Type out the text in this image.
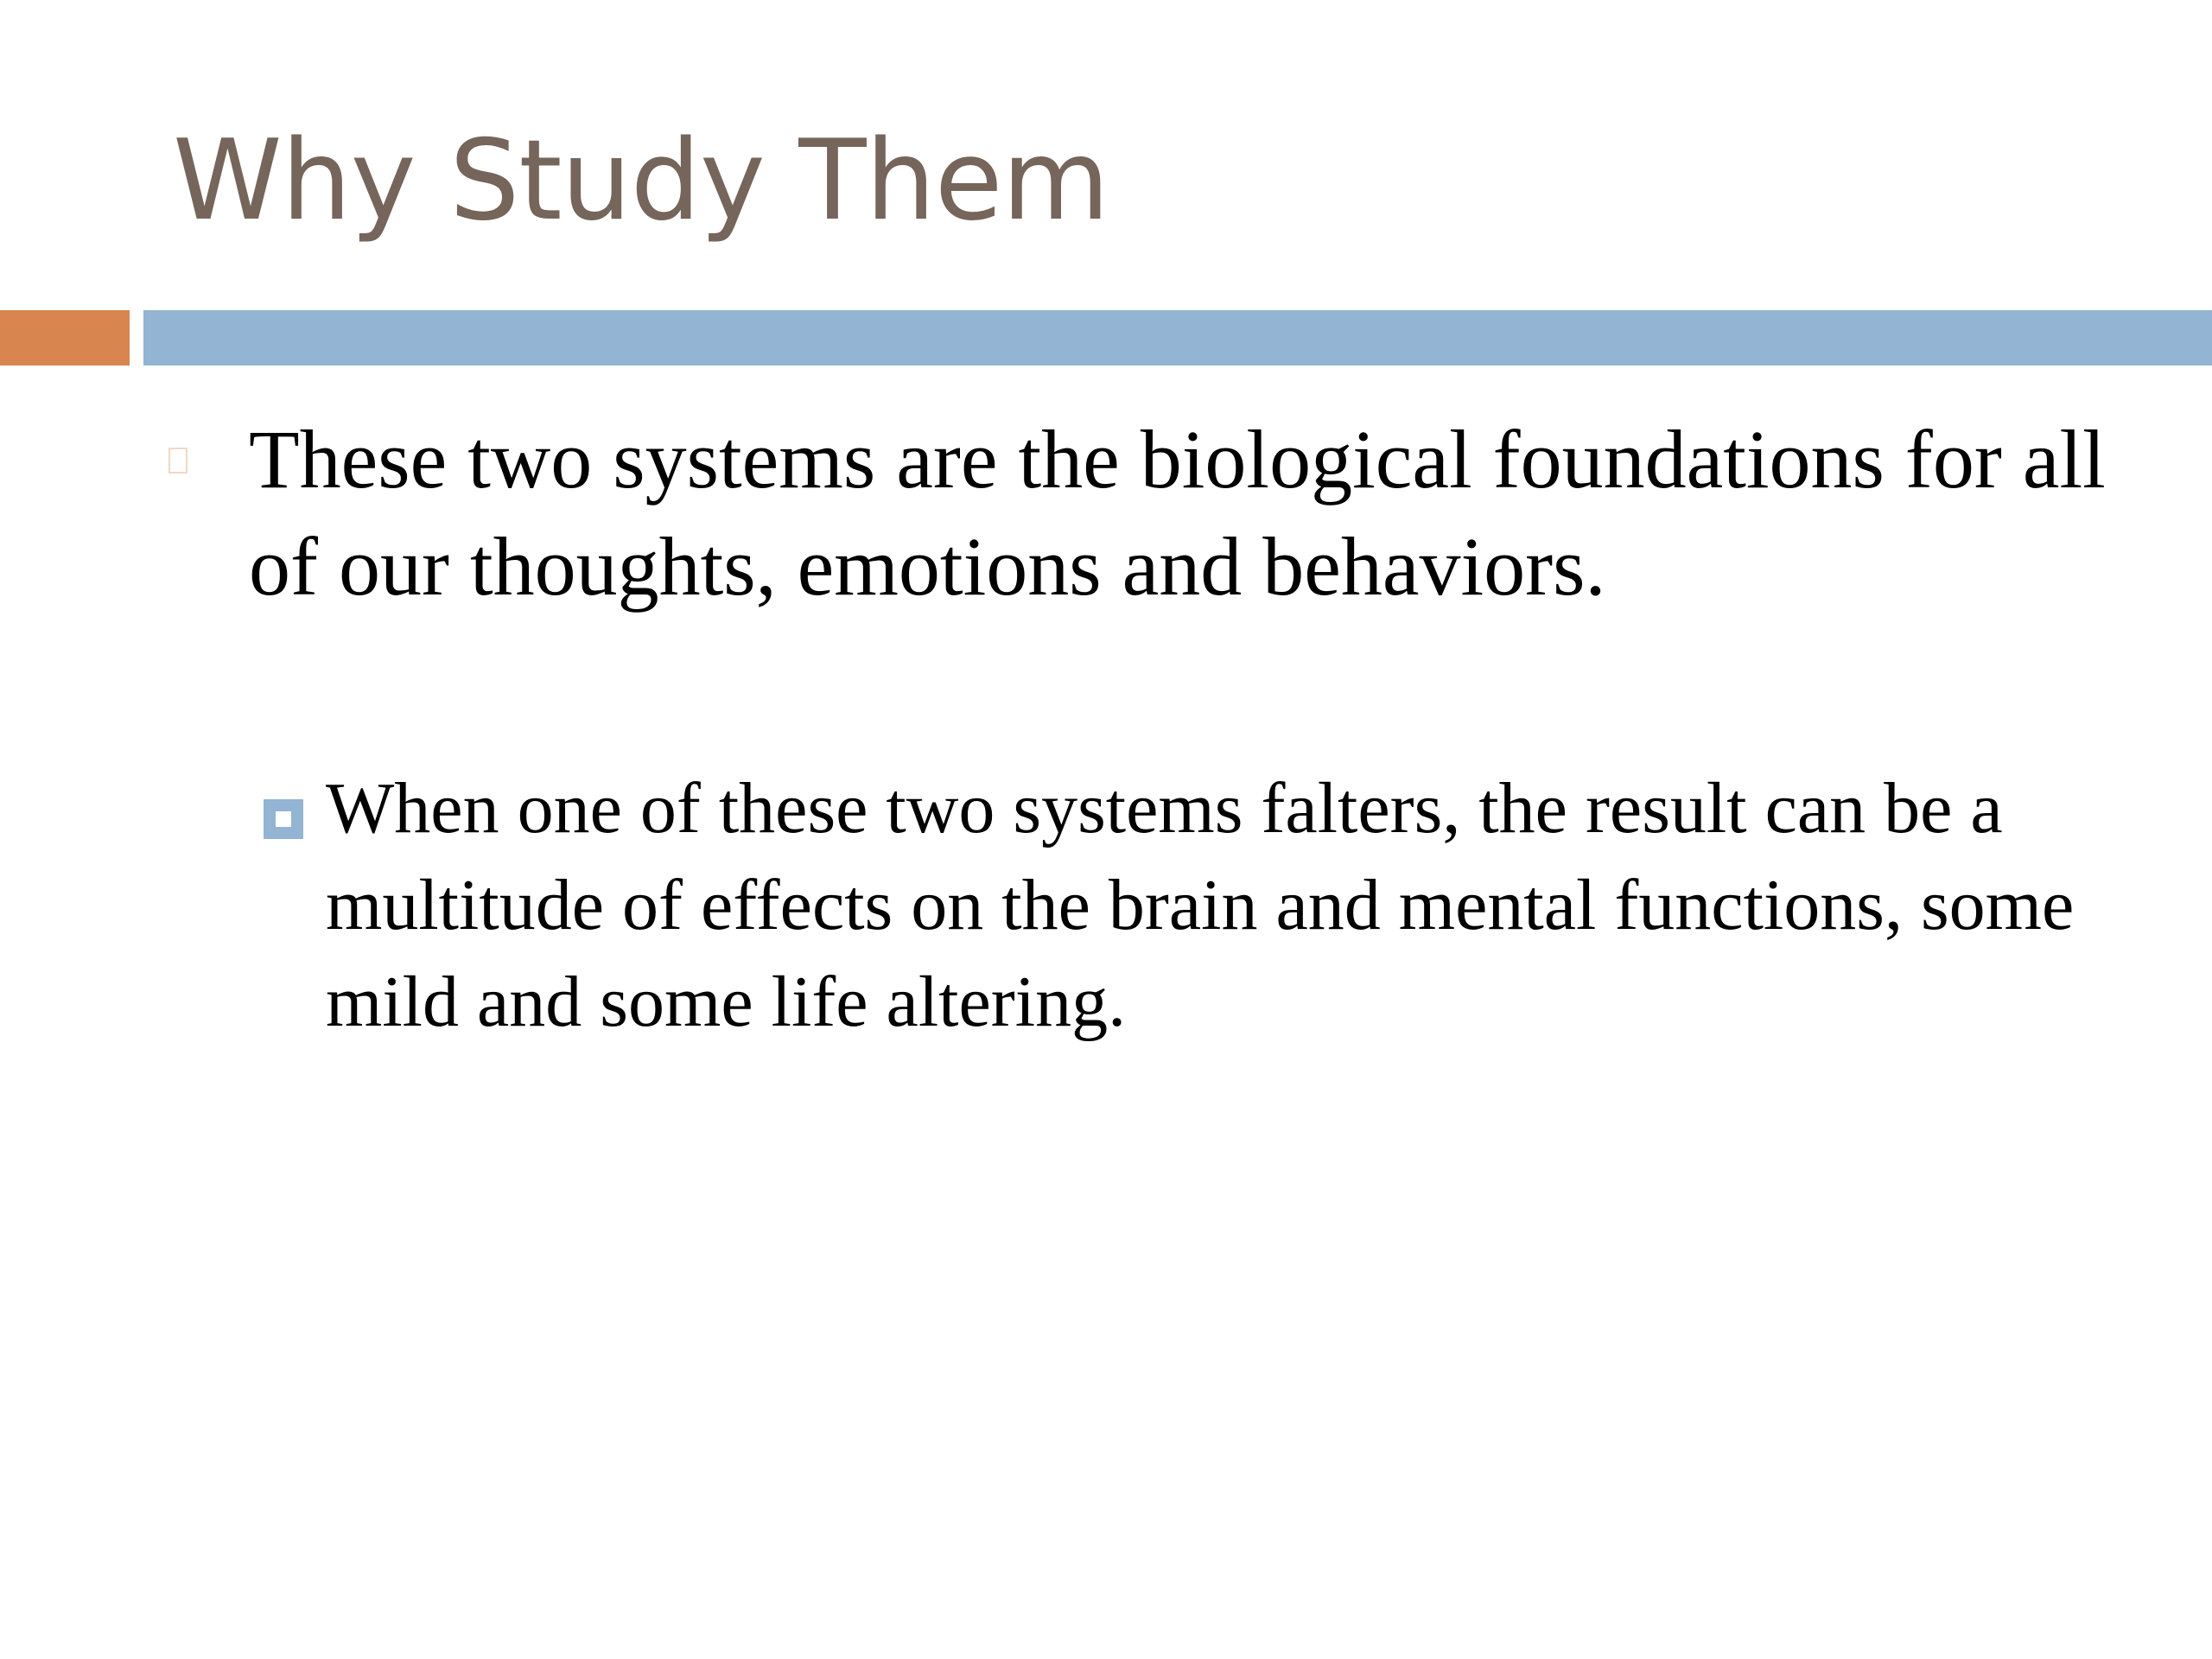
Why Study Them

These two systems are the biological foundations for all of our thoughts, emotions and behaviors.

When one of these two systems falters, the result can be a multitude of effects on the brain and mental functions, some mild and some life altering.
